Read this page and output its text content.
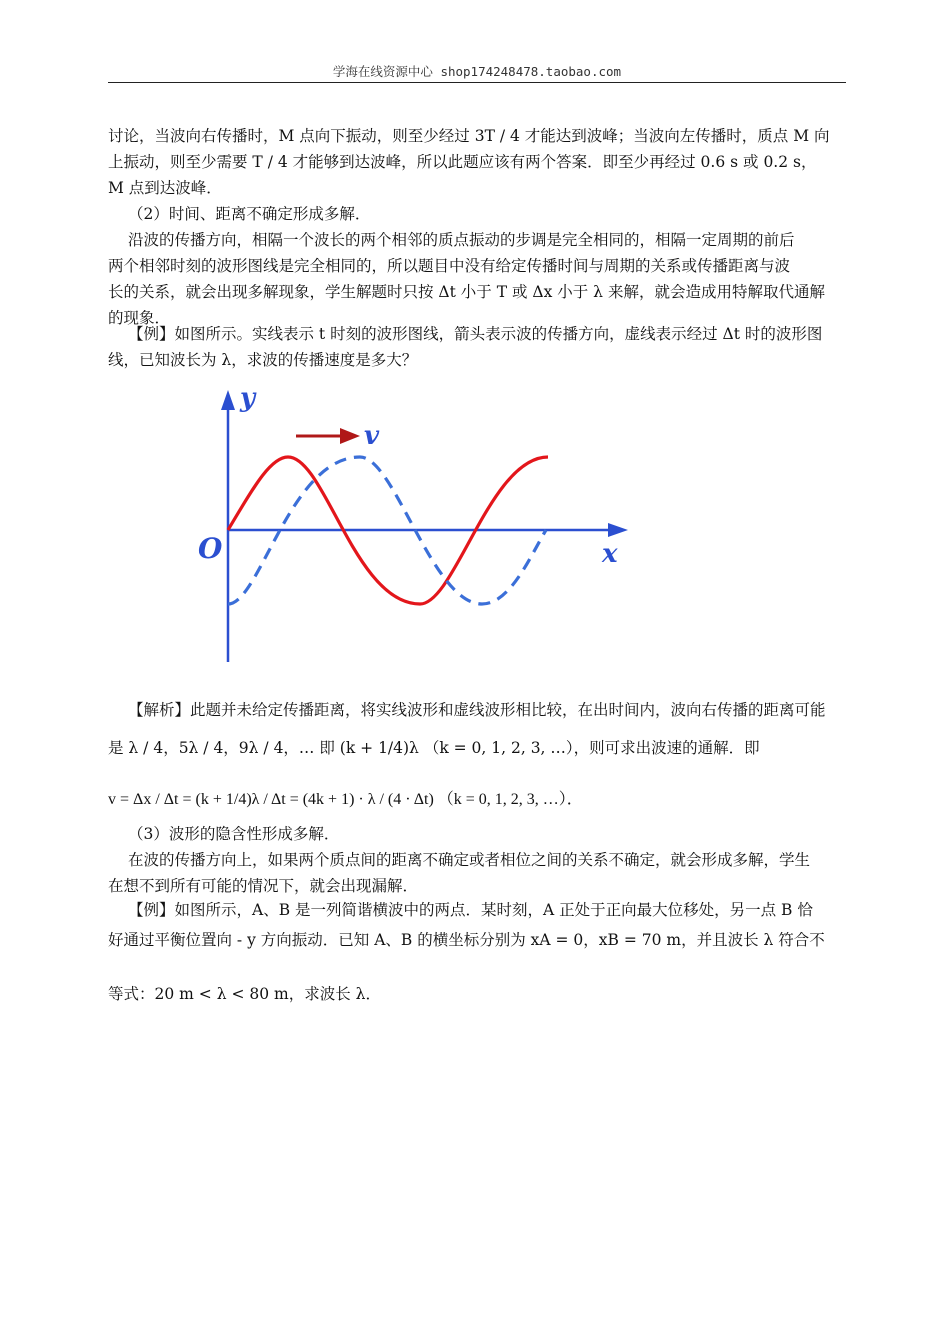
学海在线资源中心 shop174248478.taobao.com
讨论，当波向右传播时，M 点向下振动，则至少经过 3T / 4 才能达到波峰；当波向左传播时，质点 M 向
上振动，则至少需要 T / 4 才能够到达波峰，所以此题应该有两个答案．即至少再经过 0.6 s 或 0.2 s，
M 点到达波峰．
（2）时间、距离不确定形成多解．
沿波的传播方向，相隔一个波长的两个相邻的质点振动的步调是完全相同的，相隔一定周期的前后
两个相邻时刻的波形图线是完全相同的，所以题目中没有给定传播时间与周期的关系或传播距离与波
长的关系，就会出现多解现象，学生解题时只按 Δt 小于 T 或 Δx 小于 λ 来解，就会造成用特解取代通解
的现象．
【例】如图所示。实线表示 t 时刻的波形图线，箭头表示波的传播方向，虚线表示经过 Δt 时的波形图
线，已知波长为 λ，求波的传播速度是多大？
v
y
x
O
【解析】此题并未给定传播距离，将实线波形和虚线波形相比较，在出时间内，波向右传播的距离可能
是 λ / 4，5λ / 4，9λ / 4，… 即 (k + 1/4)λ （k = 0, 1, 2, 3, …），则可求出波速的通解．即
v = Δx / Δt = (k + 1/4)λ / Δt = (4k + 1) · λ / (4 · Δt) （k = 0, 1, 2, 3, …）．
（3）波形的隐含性形成多解．
在波的传播方向上，如果两个质点间的距离不确定或者相位之间的关系不确定，就会形成多解，学生
在想不到所有可能的情况下，就会出现漏解．
【例】如图所示，A、B 是一列简谐横波中的两点．某时刻，A 正处于正向最大位移处，另一点 B 恰
好通过平衡位置向 - y 方向振动．已知 A、B 的横坐标分别为 xA = 0，xB = 70 m，并且波长 λ 符合不
等式：20 m < λ < 80 m，求波长 λ．
